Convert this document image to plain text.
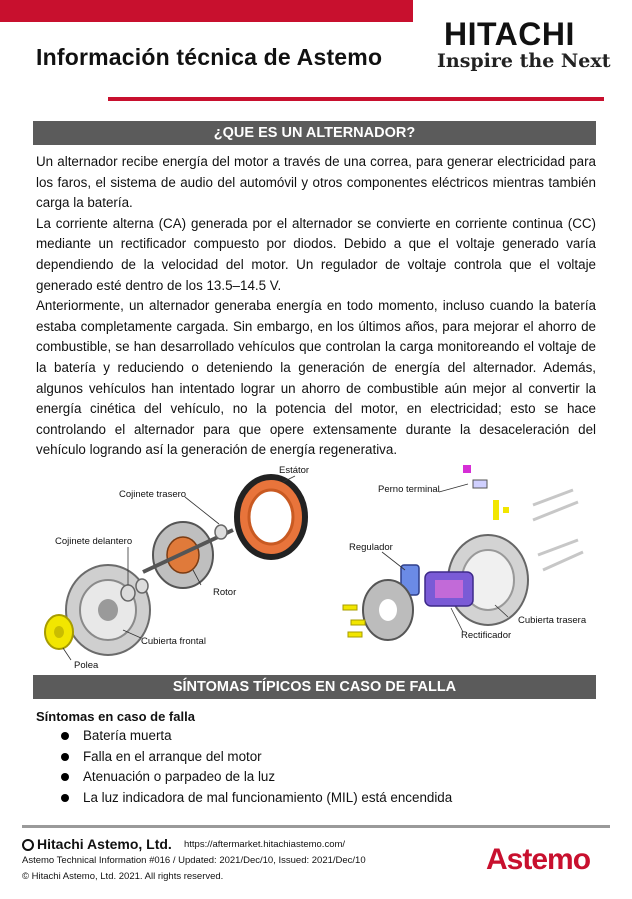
Información técnica de Astemo
HITACHI
Inspire the Next
¿QUE ES UN ALTERNADOR?

Un alternador recibe energía del motor a través de una correa, para generar electricidad para los faros, el sistema de audio del automóvil y otros componentes eléctricos mientras también carga la batería.

La corriente alterna (CA) generada por el alternador se convierte en corriente continua (CC) mediante un rectificador compuesto por diodos. Debido a que el voltaje generado varía dependiendo de la velocidad del motor. Un regulador de voltaje controla que el voltaje generado esté dentro de los 13.5–14.5 V.

Anteriormente, un alternador generaba energía en todo momento, incluso cuando la batería estaba completamente cargada. Sin embargo, en los últimos años, para mejorar el ahorro de combustible, se han desarrollado vehículos que controlan la carga monitoreando el voltaje de la batería y reduciendo o deteniendo la generación de energía del alternador. Además, algunos vehículos han intentado lograr un ahorro de combustible aún mejor al convertir la energía cinética del vehículo, no la potencia del motor, en electricidad; esto se hace controlando el alternador para que opere extensamente durante la desaceleración del vehículo logrando así la generación de energía regenerativa.

Estátor
Cojinete trasero
Cojinete delantero
Rotor
Cubierta frontal
Polea
Perno terminal
Regulador
Cubierta trasera
Rectificador
SÍNTOMAS TÍPICOS EN CASO DE FALLA
Síntomas en caso de falla
Batería muerta
Falla en el arranque del motor
Atenuación o parpadeo de la luz
La luz indicadora de mal funcionamiento (MIL) está encendida
Hitachi Astemo, Ltd. https://aftermarket.hitachiastemo.com/
Astemo Technical Information #016 / Updated: 2021/Dec/10, Issued: 2021/Dec/10
© Hitachi Astemo, Ltd. 2021. All rights reserved.
Astemo
